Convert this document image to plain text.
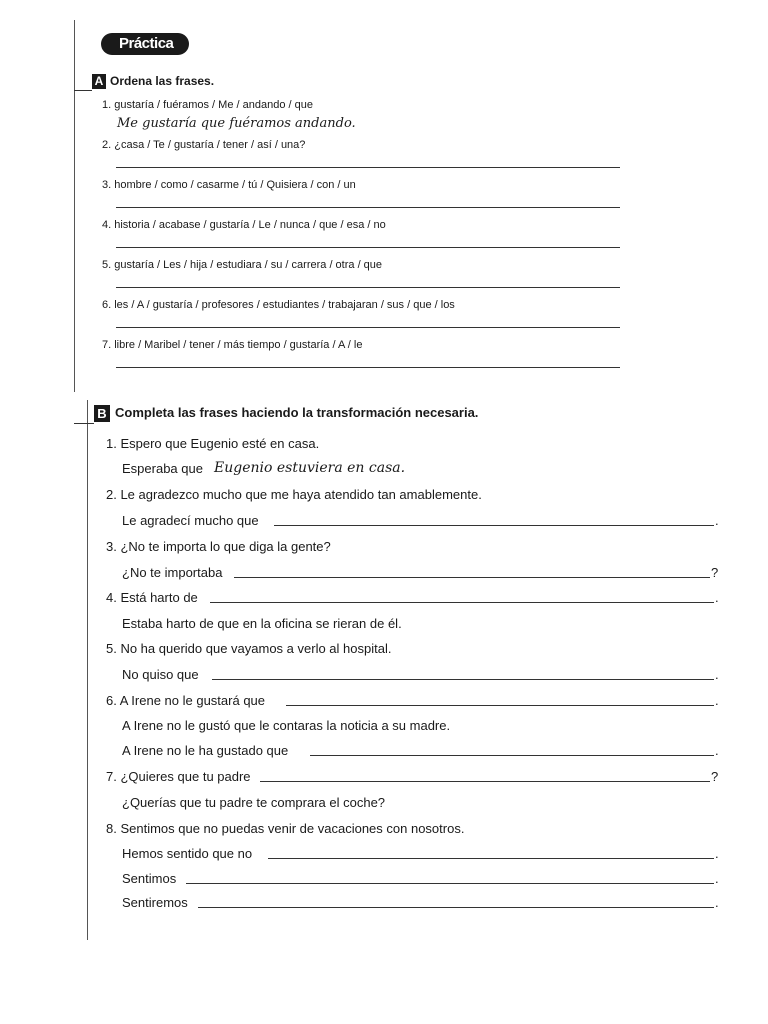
Práctica
A Ordena las frases.
1. gustaría / fuéramos / Me / andando / que
Me gustaría que fuéramos andando.
2. ¿casa / Te / gustaría / tener / así / una?
3. hombre / como / casarme / tú / Quisiera / con / un
4. historia / acabase / gustaría / Le / nunca / que / esa / no
5. gustaría / Les / hija / estudiara / su / carrera / otra / que
6. les / A / gustaría / profesores / estudiantes / trabajaran / sus / que / los
7. libre / Maribel / tener / más tiempo / gustaría / A / le
B Completa las frases haciendo la transformación necesaria.
1. Espero que Eugenio esté en casa.
Esperaba que Eugenio estuviera en casa.
2. Le agradezco mucho que me haya atendido tan amablemente.
Le agradecí mucho que	.
3. ¿No te importa lo que diga la gente?
¿No te importaba	?
4. Está harto de	.
Estaba harto de que en la oficina se rieran de él.
5. No ha querido que vayamos a verlo al hospital.
No quiso que	.
6. A Irene no le gustará que	.
A Irene no le gustó que le contaras la noticia a su madre.
A Irene no le ha gustado que	.
7. ¿Quieres que tu padre	?
¿Querías que tu padre te comprara el coche?
8. Sentimos que no puedas venir de vacaciones con nosotros.
Hemos sentido que no	.
Sentimos	.
Sentiremos	.
